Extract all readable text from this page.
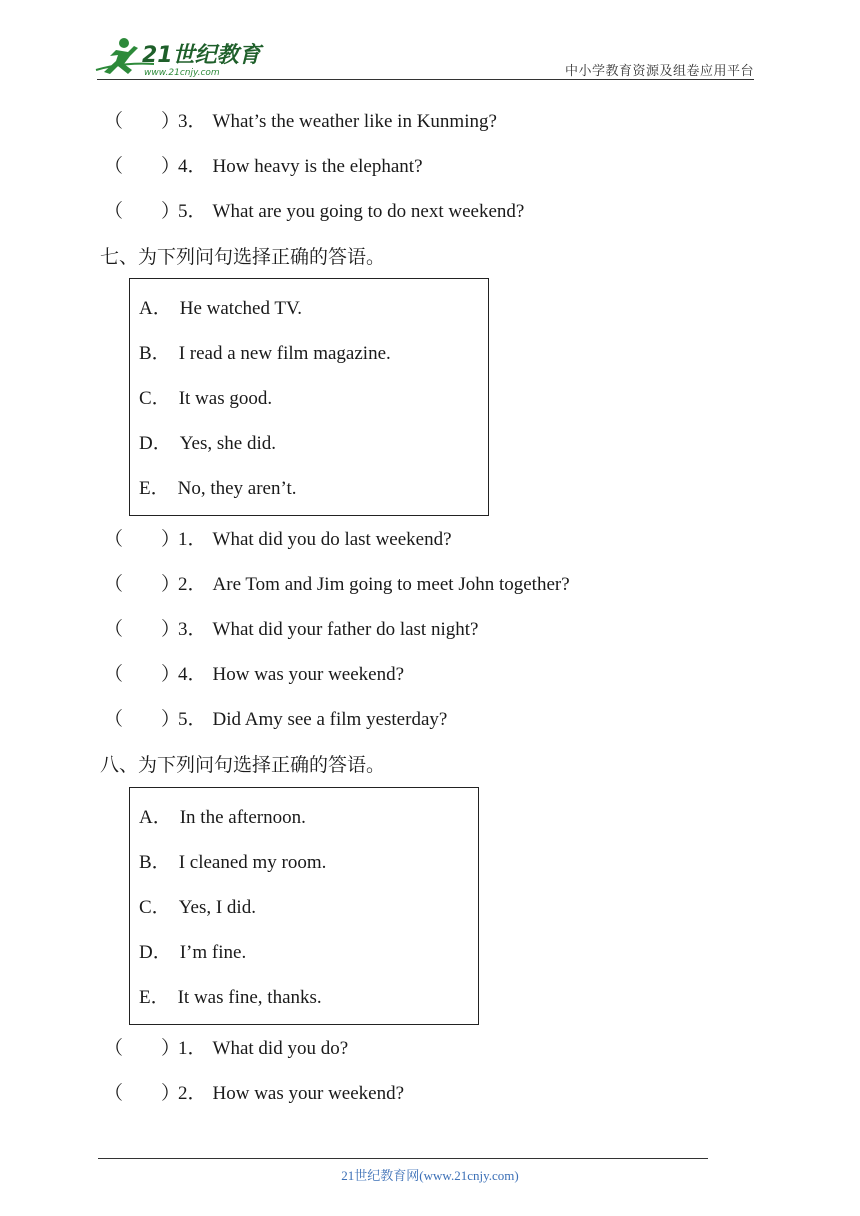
21世纪教育
www.21cnjy.com	中小学教育资源及组卷应用平台
（　　）3． What’s the weather like in Kunming?
（　　）4． How heavy is the elephant?
（　　）5． What are you going to do next weekend?
七、为下列问句选择正确的答语。
A． He watched TV.
B． I read a new film magazine.
C． It was good.
D． Yes, she did.
E． No, they aren’t.
（　　）1． What did you do last weekend?
（　　）2． Are Tom and Jim going to meet John together?
（　　）3． What did your father do last night?
（　　）4． How was your weekend?
（　　）5． Did Amy see a film yesterday?
八、为下列问句选择正确的答语。
A． In the afternoon.
B． I cleaned my room.
C． Yes, I did.
D． I’m fine.
E． It was fine, thanks.
（　　）1． What did you do?
（　　）2． How was your weekend?
21世纪教育网(www.21cnjy.com)
